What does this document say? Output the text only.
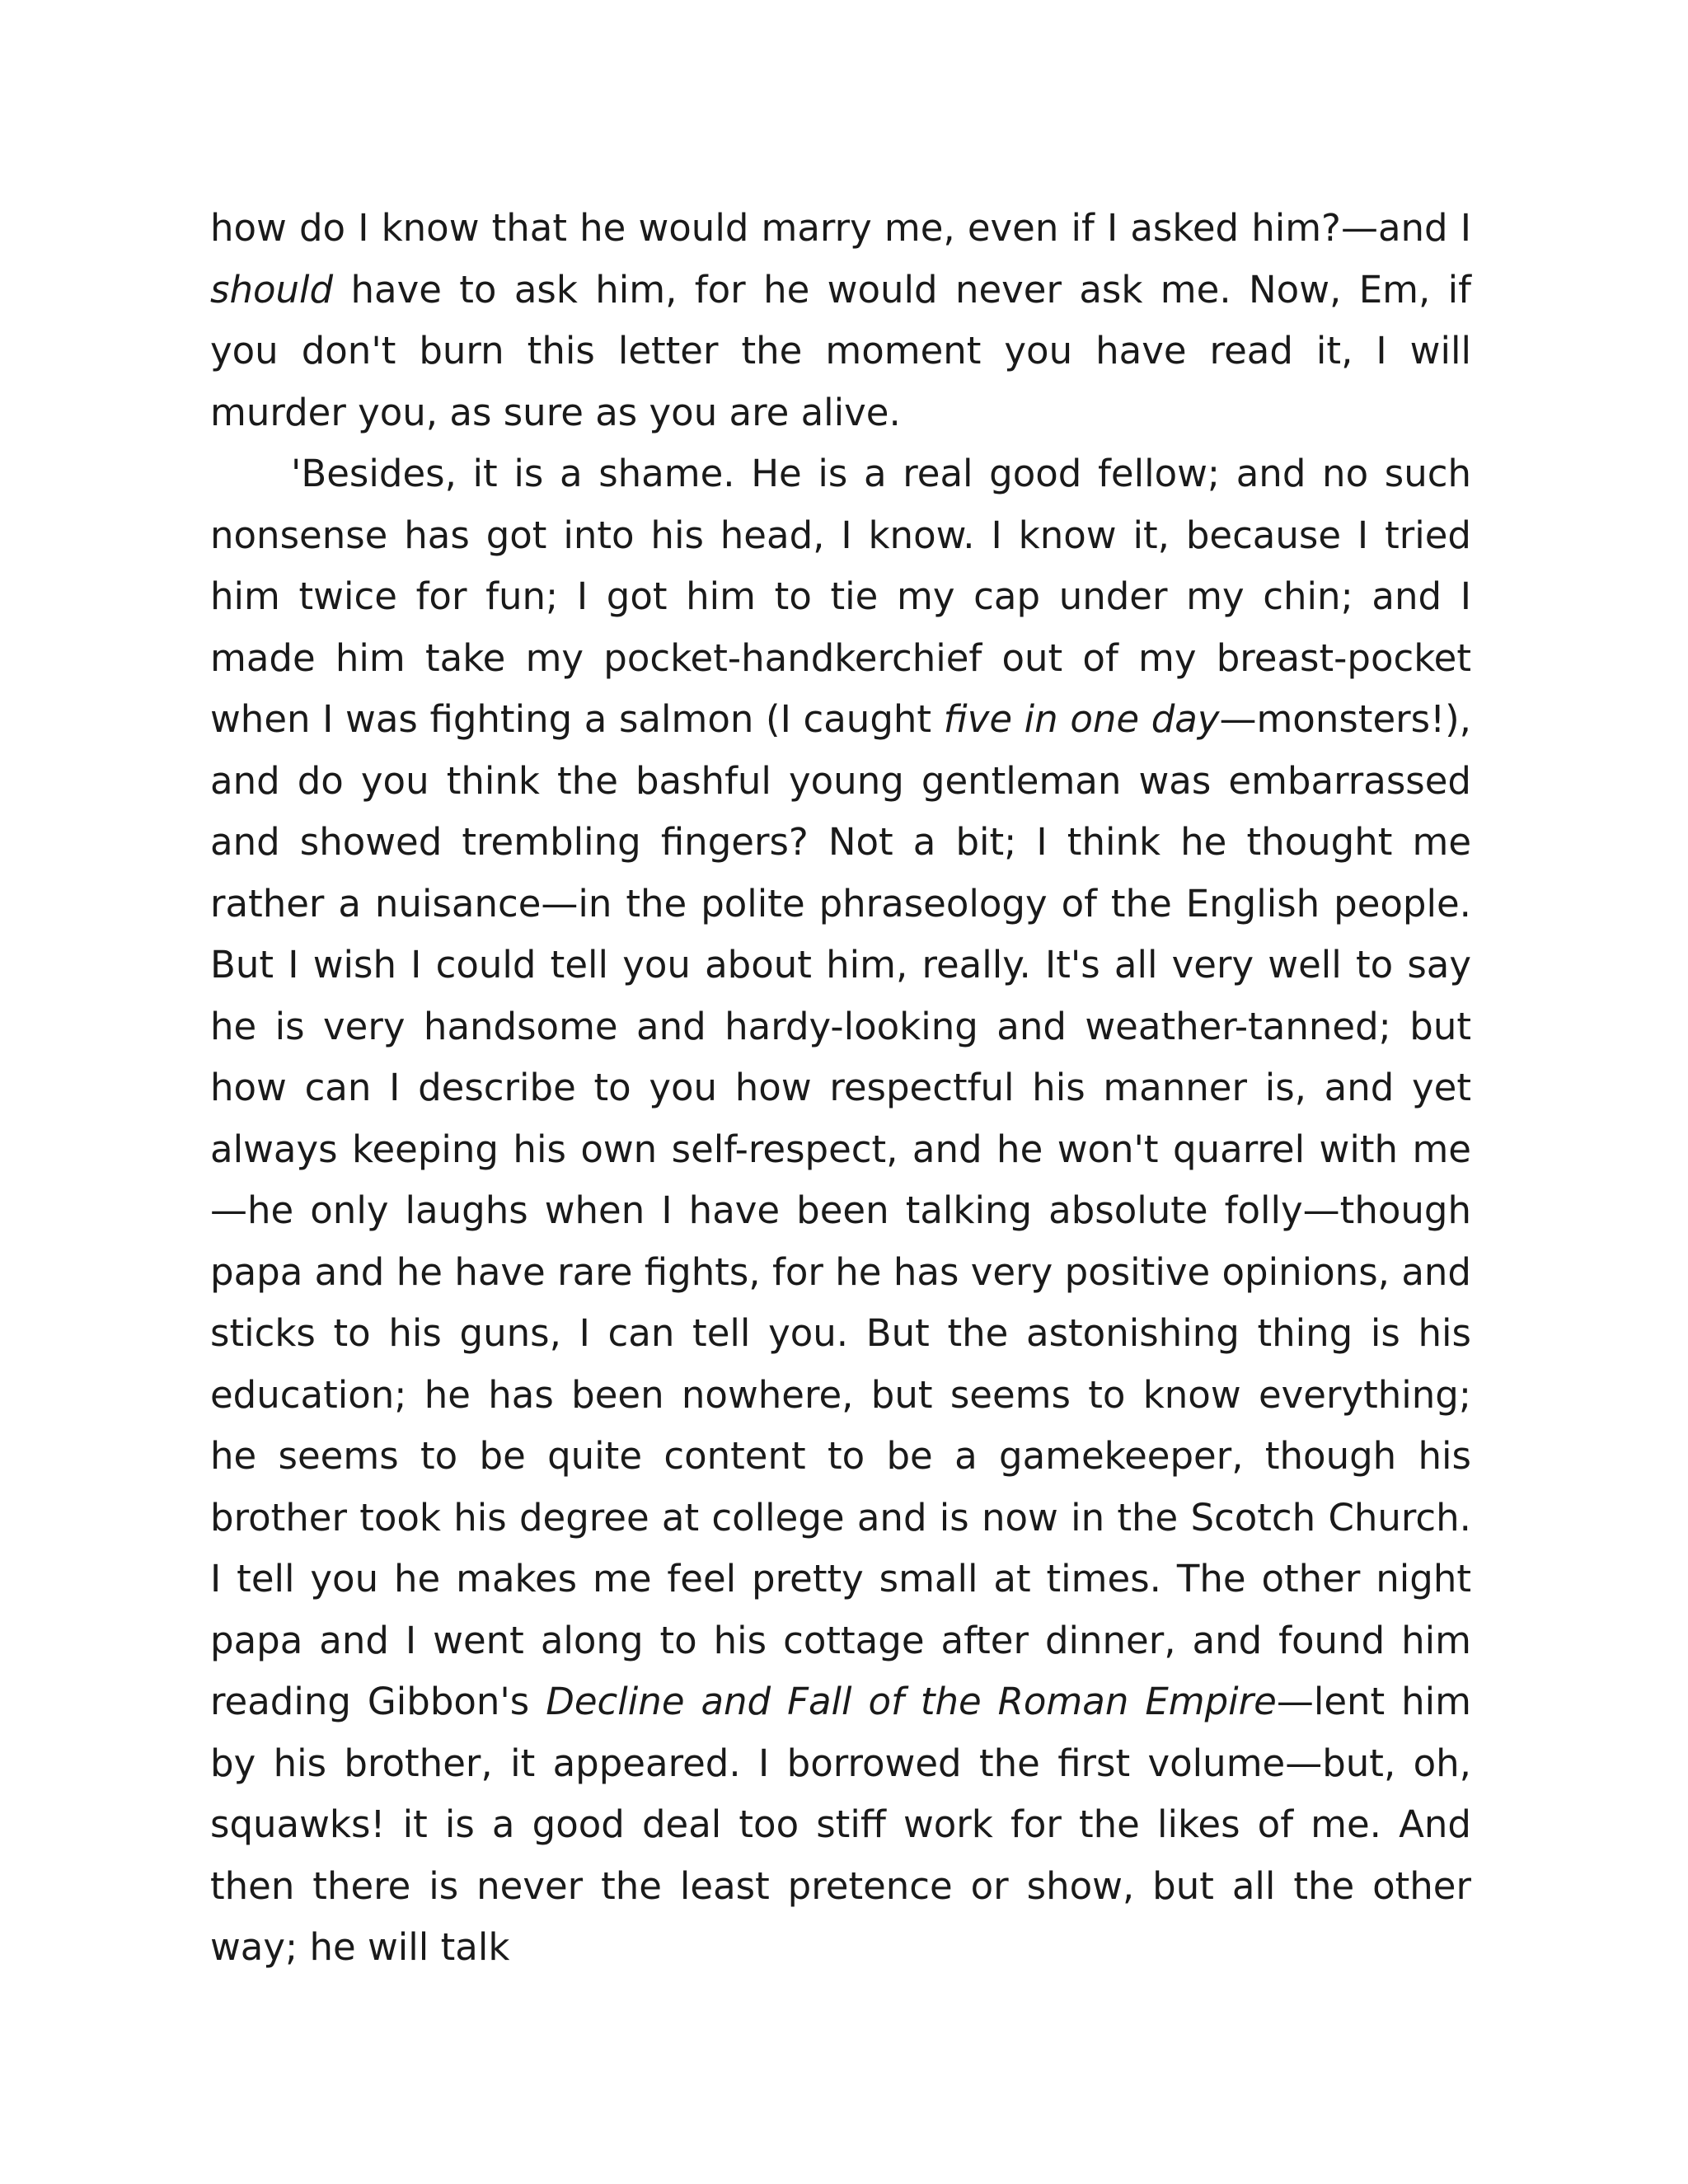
how do I know that he would marry me, even if I asked him?—and I should have to ask him, for he would never ask me. Now, Em, if you don't burn this letter the moment you have read it, I will murder you, as sure as you are alive.

'Besides, it is a shame. He is a real good fellow; and no such nonsense has got into his head, I know. I know it, because I tried him twice for fun; I got him to tie my cap under my chin; and I made him take my pocket-handkerchief out of my breast-pocket when I was fighting a salmon (I caught five in one day—monsters!), and do you think the bashful young gentleman was embarrassed and showed trembling fingers? Not a bit; I think he thought me rather a nuisance—in the polite phraseology of the English people. But I wish I could tell you about him, really. It's all very well to say he is very handsome and hardy-looking and weather-tanned; but how can I describe to you how respectful his manner is, and yet always keeping his own self-respect, and he won't quarrel with me—he only laughs when I have been talking absolute folly—though papa and he have rare fights, for he has very positive opinions, and sticks to his guns, I can tell you. But the astonishing thing is his education; he has been nowhere, but seems to know everything; he seems to be quite content to be a gamekeeper, though his brother took his degree at college and is now in the Scotch Church. I tell you he makes me feel pretty small at times. The other night papa and I went along to his cottage after dinner, and found him reading Gibbon's Decline and Fall of the Roman Empire—lent him by his brother, it appeared. I borrowed the first volume—but, oh, squawks! it is a good deal too stiff work for the likes of me. And then there is never the least pretence or show, but all the other way; he will talk
